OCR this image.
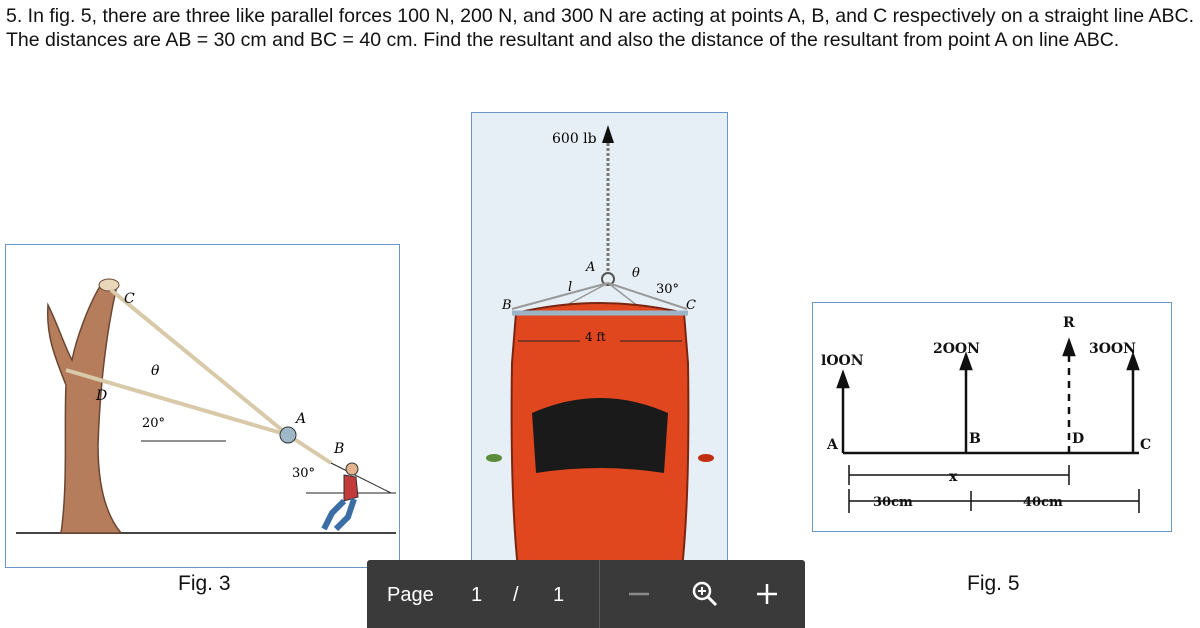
5. In fig. 5, there are three like parallel forces 100 N, 200 N, and 300 N are acting at points A, B, and C respectively on a straight line ABC. The distances are AB = 30 cm and BC = 40 cm. Find the resultant and also the distance of the resultant from point A on line ABC.

C
D
A
B
θ
20°
30°
Fig. 3
600 lb
A
l
θ
30°
B	C
4 ft
lOON
2OON	3OON
R
A	B	C
D
x
30cm	40cm
Fig. 5
Page 1 / 1
